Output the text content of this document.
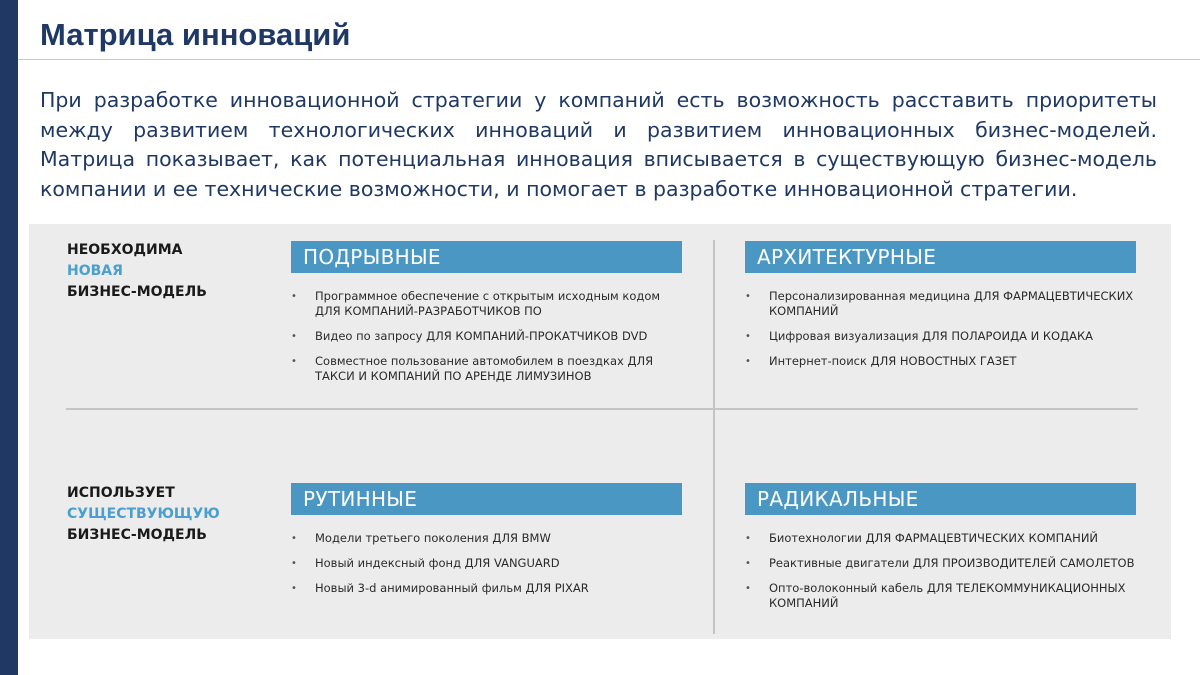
Матрица инноваций

При разработке инновационной стратегии у компаний есть возможность расставить приоритеты между развитием технологических инноваций и развитием инновационных бизнес-моделей. Матрица показывает, как потенциальная инновация вписывается в существующую бизнес-модель компании и ее технические возможности, и помогает в разработке инновационной стратегии.

НЕОБХОДИМА
НОВАЯ
БИЗНЕС-МОДЕЛЬ
ИСПОЛЬЗУЕТ
СУЩЕСТВУЮЩУЮ
БИЗНЕС-МОДЕЛЬ
ПОДРЫВНЫЕ
• Программное обеспечение с открытым исходным кодом ДЛЯ КОМПАНИЙ-РАЗРАБОТЧИКОВ ПО
• Видео по запросу ДЛЯ КОМПАНИЙ-ПРОКАТЧИКОВ DVD
• Совместное пользование автомобилем в поездках ДЛЯ ТАКСИ И КОМПАНИЙ ПО АРЕНДЕ ЛИМУЗИНОВ
АРХИТЕКТУРНЫЕ
• Персонализированная медицина ДЛЯ ФАРМАЦЕВТИЧЕСКИХ КОМПАНИЙ
• Цифровая визуализация ДЛЯ ПОЛАРОИДА И КОДАКА
• Интернет-поиск ДЛЯ НОВОСТНЫХ ГАЗЕТ
РУТИННЫЕ
• Модели третьего поколения ДЛЯ BMW
• Новый индексный фонд ДЛЯ VANGUARD
• Новый 3-d анимированный фильм ДЛЯ PIXAR
РАДИКАЛЬНЫЕ
• Биотехнологии ДЛЯ ФАРМАЦЕВТИЧЕСКИХ КОМПАНИЙ
• Реактивные двигатели ДЛЯ ПРОИЗВОДИТЕЛЕЙ САМОЛЕТОВ
• Опто-волоконный кабель ДЛЯ ТЕЛЕКОММУНИКАЦИОННЫХ КОМПАНИЙ
